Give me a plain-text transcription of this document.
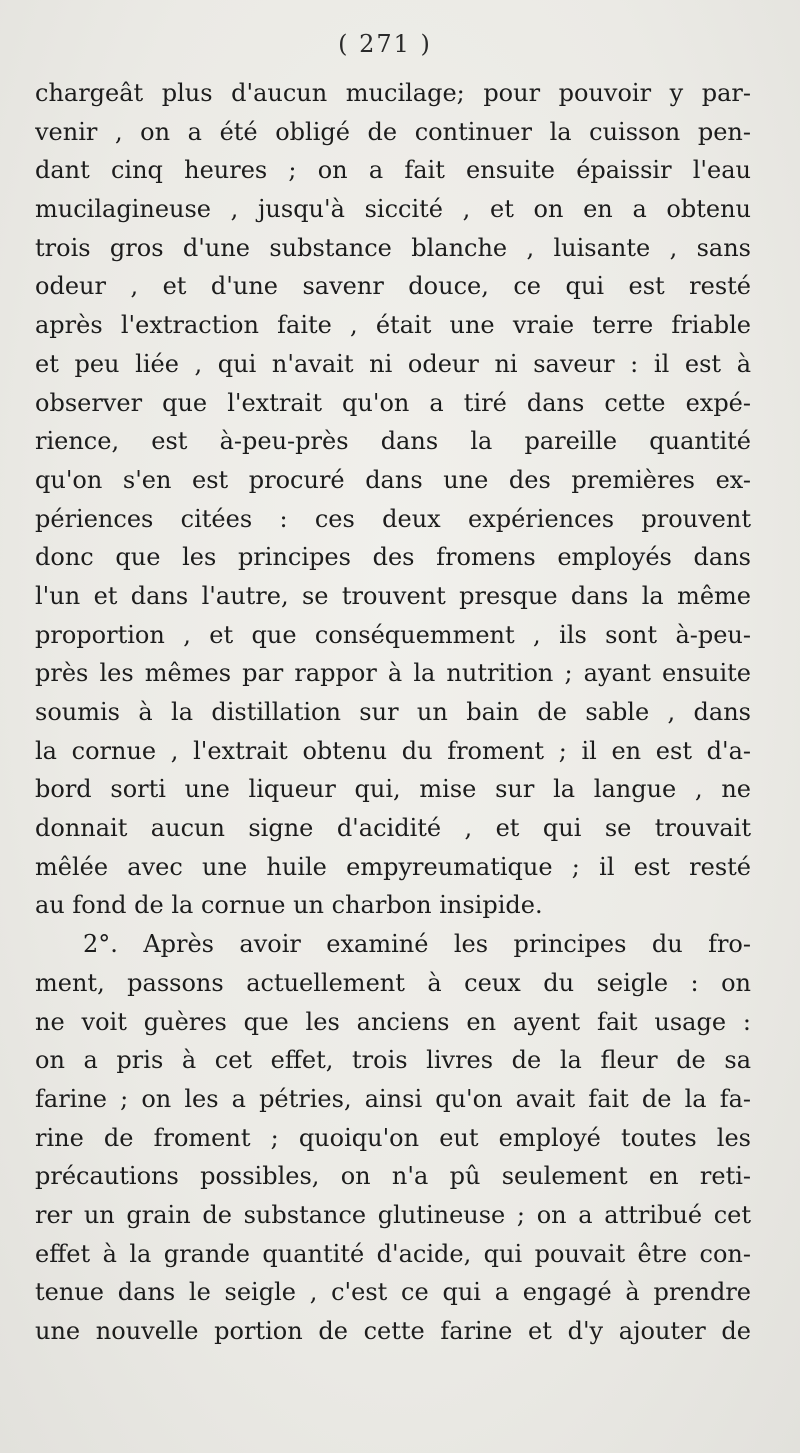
( 271 )
chargeât plus d'aucun mucilage; pour pouvoir y par-
venir , on a été obligé de continuer la cuisson pen-
dant cinq heures ; on a fait ensuite épaissir l'eau
mucilagineuse , jusqu'à siccité , et on en a obtenu
trois gros d'une substance blanche , luisante , sans
odeur , et d'une savenr douce, ce qui est resté
après l'extraction faite , était une vraie terre friable
et peu liée , qui n'avait ni odeur ni saveur : il est à
observer que l'extrait qu'on a tiré dans cette expé-
rience, est à-peu-près dans la pareille quantité
qu'on s'en est procuré dans une des premières ex-
périences citées : ces deux expériences prouvent
donc que les principes des fromens employés dans
l'un et dans l'autre, se trouvent presque dans la même
proportion , et que conséquemment , ils sont à-peu-
près les mêmes par rappor à la nutrition ; ayant ensuite
soumis à la distillation sur un bain de sable , dans
la cornue , l'extrait obtenu du froment ; il en est d'a-
bord sorti une liqueur qui, mise sur la langue , ne
donnait aucun signe d'acidité , et qui se trouvait
mêlée avec une huile empyreumatique ; il est resté
au fond de la cornue un charbon insipide.
2°. Après avoir examiné les principes du fro-
ment, passons actuellement à ceux du seigle : on
ne voit guères que les anciens en ayent fait usage :
on a pris à cet effet, trois livres de la fleur de sa
farine ; on les a pétries, ainsi qu'on avait fait de la fa-
rine de froment ; quoiqu'on eut employé toutes les
précautions possibles, on n'a pû seulement en reti-
rer un grain de substance glutineuse ; on a attribué cet
effet à la grande quantité d'acide, qui pouvait être con-
tenue dans le seigle , c'est ce qui a engagé à prendre
une nouvelle portion de cette farine et d'y ajouter de
